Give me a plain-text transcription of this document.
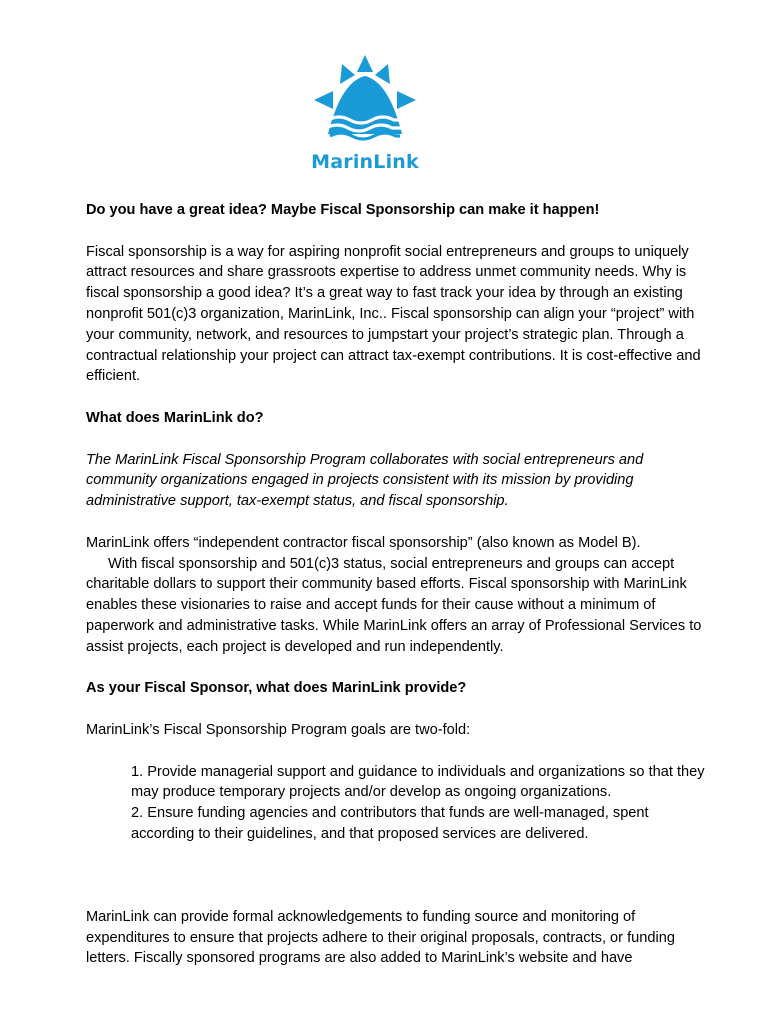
MarinLink

Do you have a great idea? Maybe Fiscal Sponsorship can make it happen!

Fiscal sponsorship is a way for aspiring nonprofit social entrepreneurs and groups to uniquely attract resources and share grassroots expertise to address unmet community needs. Why is fiscal sponsorship a good idea? It’s a great way to fast track your idea by through an existing nonprofit 501(c)3 organization, MarinLink, Inc.. Fiscal sponsorship can align your “project” with your community, network, and resources to jumpstart your project’s strategic plan. Through a contractual relationship your project can attract tax-exempt contributions. It is cost-effective and efficient.

What does MarinLink do?

The MarinLink Fiscal Sponsorship Program collaborates with social entrepreneurs and community organizations engaged in projects consistent with its mission by providing administrative support, tax-exempt status, and fiscal sponsorship.

MarinLink offers “independent contractor fiscal sponsorship” (also known as Model B).
With fiscal sponsorship and 501(c)3 status, social entrepreneurs and groups can accept charitable dollars to support their community based efforts. Fiscal sponsorship with MarinLink enables these visionaries to raise and accept funds for their cause without a minimum of paperwork and administrative tasks. While MarinLink offers an array of Professional Services to assist projects, each project is developed and run independently.

As your Fiscal Sponsor, what does MarinLink provide?

MarinLink’s Fiscal Sponsorship Program goals are two-fold:

1. Provide managerial support and guidance to individuals and organizations so that they may produce temporary projects and/or develop as ongoing organizations.
2. Ensure funding agencies and contributors that funds are well-managed, spent according to their guidelines, and that proposed services are delivered.

MarinLink can provide formal acknowledgements to funding source and monitoring of expenditures to ensure that projects adhere to their original proposals, contracts, or funding letters. Fiscally sponsored programs are also added to MarinLink’s website and have
